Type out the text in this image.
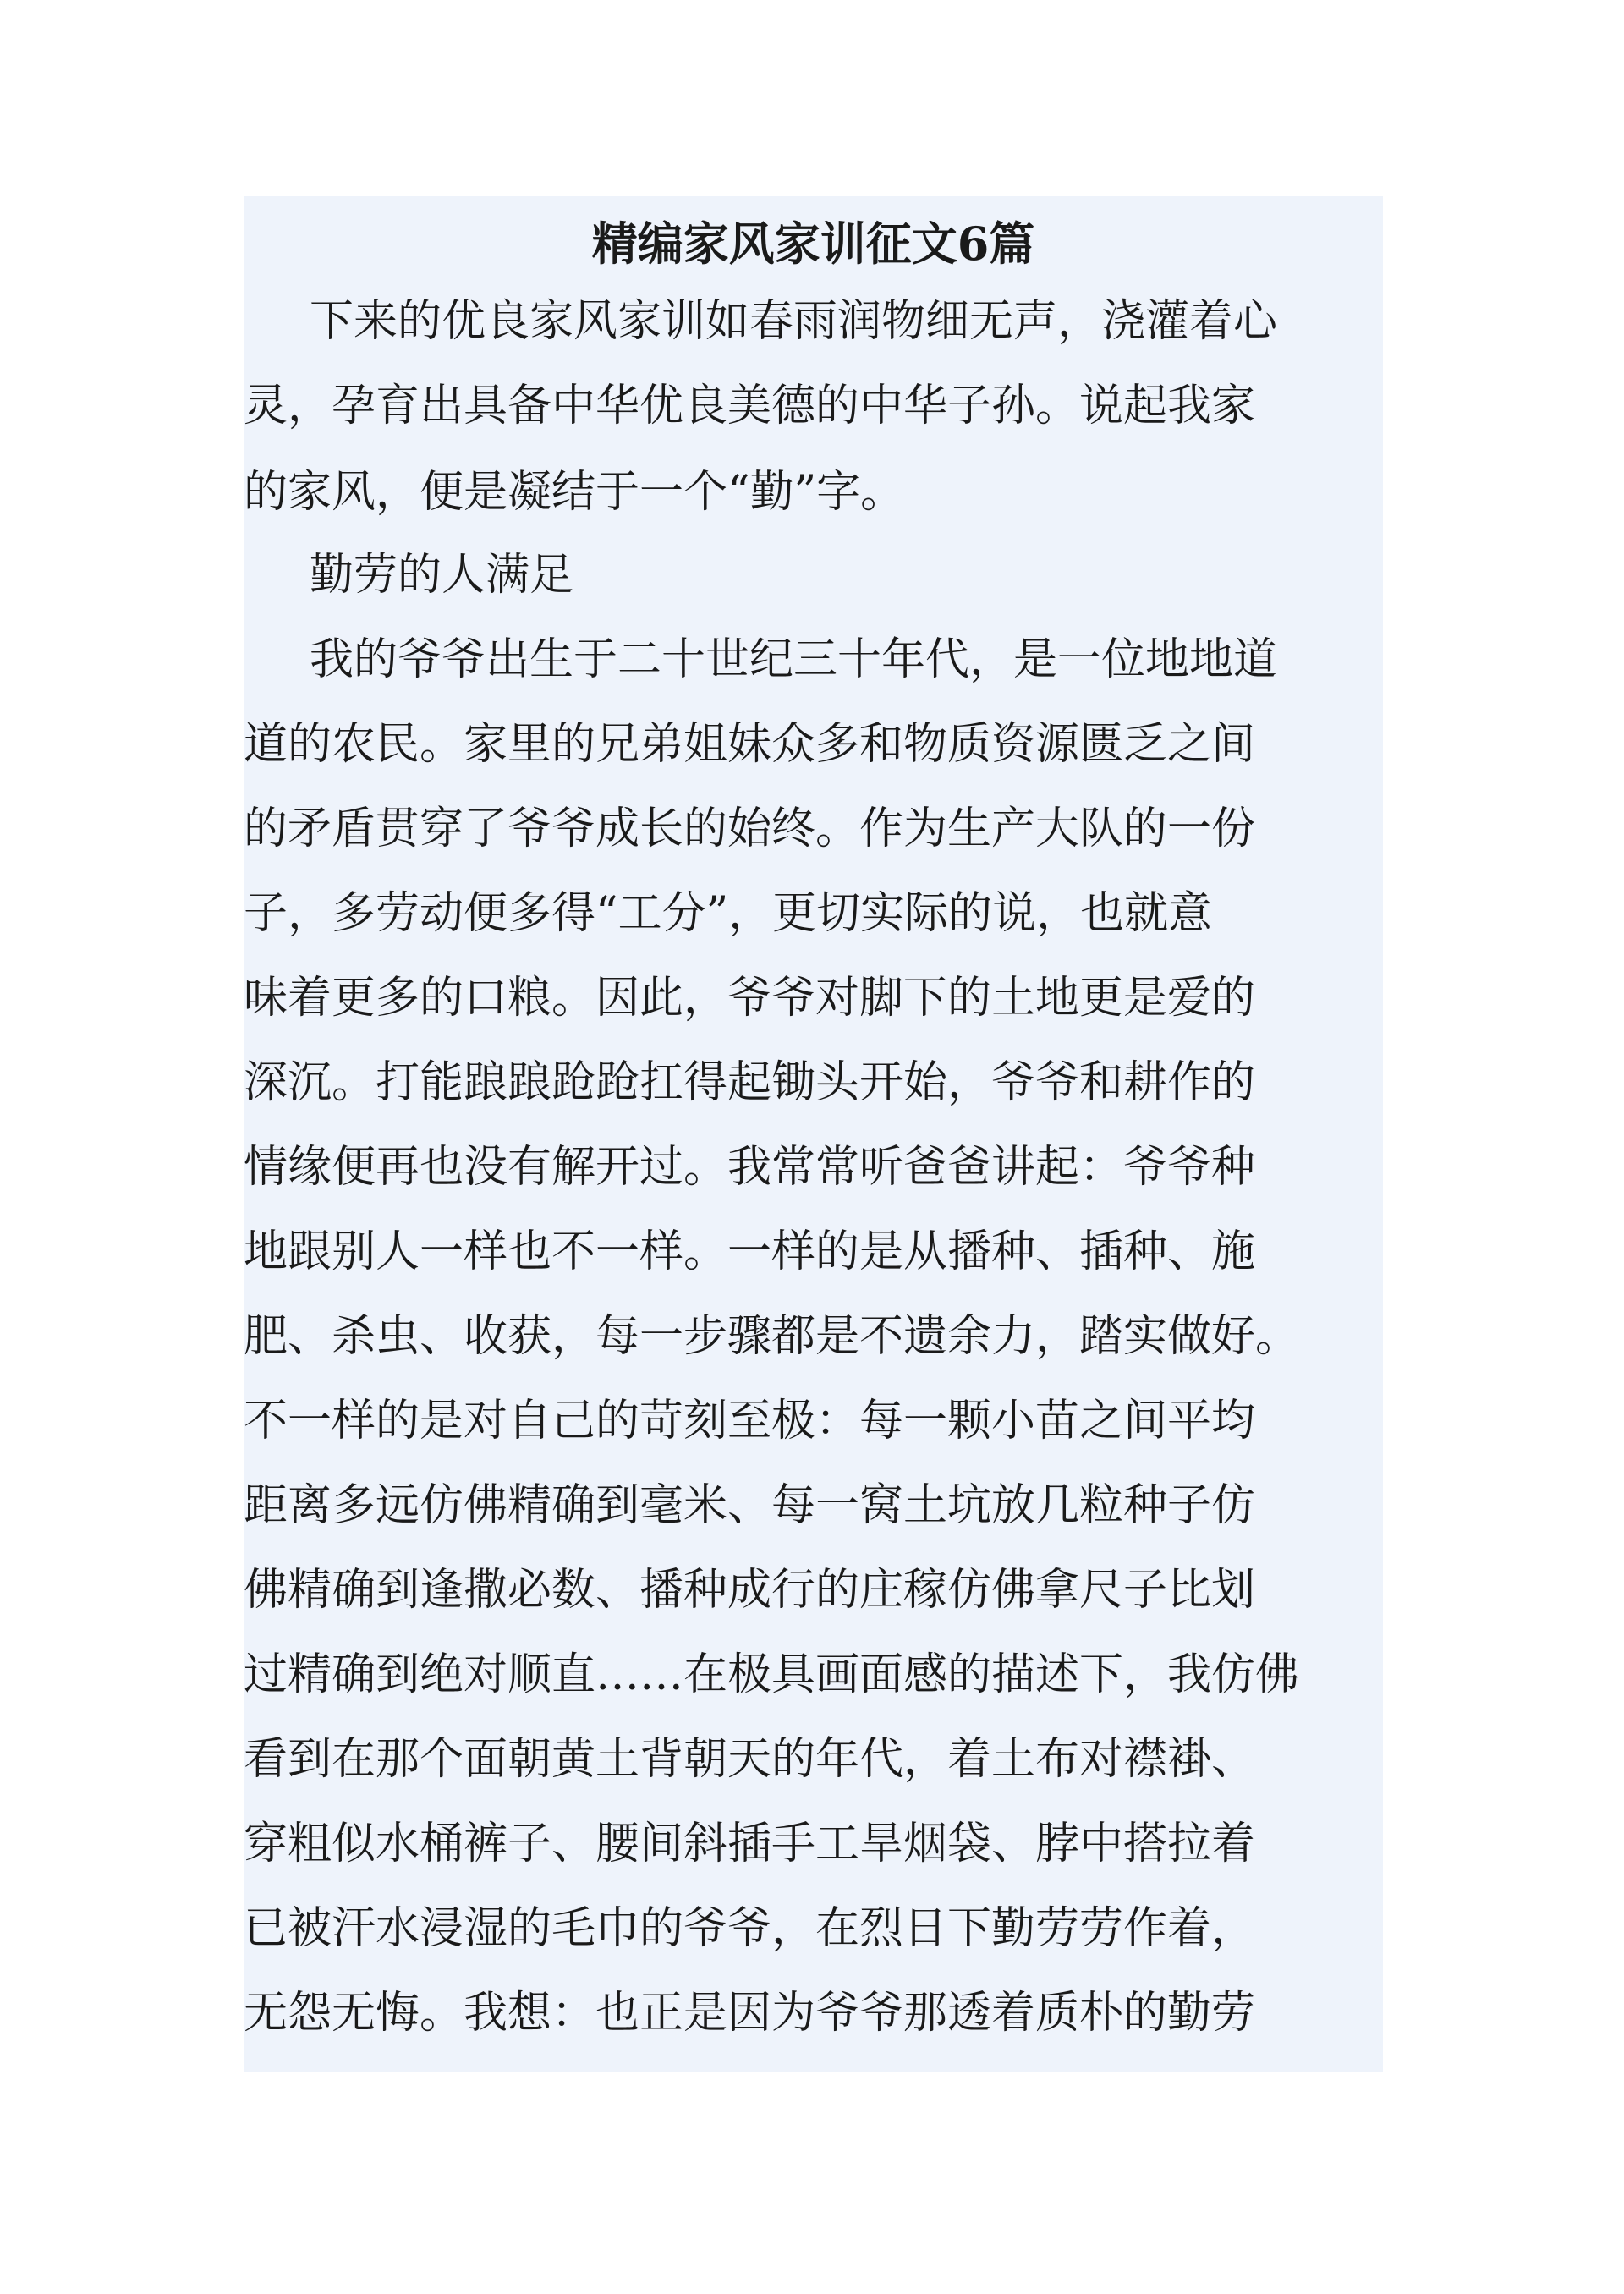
精编家风家训征文6篇
下来的优良家风家训如春雨润物细无声，浇灌着心
灵，孕育出具备中华优良美德的中华子孙。说起我家
的家风，便是凝结于一个“勤”字。
勤劳的人满足
我的爷爷出生于二十世纪三十年代，是一位地地道
道的农民。家里的兄弟姐妹众多和物质资源匮乏之间
的矛盾贯穿了爷爷成长的始终。作为生产大队的一份
子，多劳动便多得“工分”，更切实际的说，也就意
味着更多的口粮。因此，爷爷对脚下的土地更是爱的
深沉。打能踉踉跄跄扛得起锄头开始，爷爷和耕作的
情缘便再也没有解开过。我常常听爸爸讲起：爷爷种
地跟别人一样也不一样。一样的是从播种、插种、施
肥、杀虫、收获，每一步骤都是不遗余力，踏实做好。
不一样的是对自己的苛刻至极：每一颗小苗之间平均
距离多远仿佛精确到毫米、每一窝土坑放几粒种子仿
佛精确到逢撒必数、播种成行的庄稼仿佛拿尺子比划
过精确到绝对顺直……在极具画面感的描述下，我仿佛
看到在那个面朝黄土背朝天的年代，着土布对襟褂、
穿粗似水桶裤子、腰间斜插手工旱烟袋、脖中搭拉着
已被汗水浸湿的毛巾的爷爷，在烈日下勤劳劳作着，
无怨无悔。我想：也正是因为爷爷那透着质朴的勤劳
